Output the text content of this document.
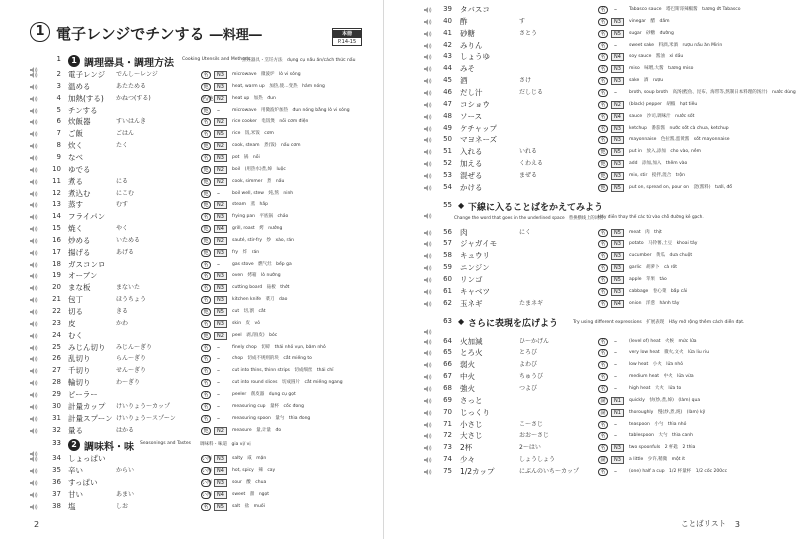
1 電子レンジでチンする ―料理―	本冊
P.14-15
1	1 調理器具・調理方法 Cooking Utensils and Methods
烹饪器具・烹饪方法　dụng cụ nấu ăn/cách thức nấu
2 電子レンジ でんし～レンジ	名	N3	microwave　微波炉　lò vi sóng
3 温める	あたためる	他	N3	heat, warm up　加热,使…变热　hâm nóng
4 加熱(する) かねつ(する)	名/他 N2	heat up　加热　đun
5 チンする	他	–	microwave　用微波炉加热　đun nóng bằng lò vi sóng
6 炊飯器	すいはんき	名	N2	rice cooker　电饭煲　nồi cơm điện
7 ご飯	ごはん	名	N5	rice　饭,米饭　cơm
8 炊く	たく	他	N2	cook, steam　煮(饭)　nấu cơm
9 なべ	名	N3	pot　锅　nồi
10 ゆでる	他	N2	boil　(用热水)煮,焯　luộc
11 煮る	にる	他	N2	cook, simmer　煮　nấu
12 煮込む	にこむ	他	–	boil well, stew　炖,熬　ninh
13 蒸す	むす	他	N2	steam　蒸　hấp
14 フライパン	名	N3	frying pan　平底锅　chảo
15 焼く	やく	他	N4	grill, roast　烤　nướng
16 炒める	いためる	他	N2	sauté, stir-fry　炒　xào, rán
17 揚げる	あげる	他	N3	fry　炸　rán
18 ガスコンロ	名	–	gas stove　燃气灶　bếp ga
19 オーブン	名	N3	oven　烤箱　lò nướng
20 まな板	まないた	名	N3	cutting board　砧板　thớt
21 包丁	ほうちょう	名	N3	kitchen knife　菜刀　dao
22 切る	きる	他	N5	cut　切,割　cắt
23 皮	かわ	名	N3	skin　皮　vỏ
24 むく	他	N2	peel　剥,削(皮)　bóc
25 みじん切り みじん～ぎり	名	–	finely chop　切碎　thái nhỏ vụn, băm nhỏ
26 乱切り	らん～ぎり	名	–	chop　切成不规则的块　cắt miếng to
27 千切り	せん～ぎり	名	–	cut into thins, thinn strips　切成细丝　thái chỉ
28 輪切り	わ～ぎり	名	–	cut into round slices　切成圆片　cắt miếng ngang
29 ピーラー	名	–	peeler　削皮器　dụng cụ gọt
30 計量カップ けいりょう～カップ	名	–	measuring cup　量杯　cốc đong
31 計量スプーン けいりょう～スプーン	名	–	measuring spoon　量勺　thìa đong
32 量る	はかる	他	N2	measure　量,计量　đo
33	2 調味料・味 Seasonings and Tastes 调味料・味道　gia vị/ vị
34 しょっぱい	い形	N3	salty　咸　mặn
35 辛い	からい	い形	N4	hot, spicy　辣　cay
36 すっぱい	い形	N3	sour　酸　chua
37 甘い	あまい	い形	N4	sweet　甜　ngọt
38 塩	しお	名	N5	salt　盐　muối
2
39 タバスコ	名	–	Tabasco sauce　塔巴斯哥辣椒酱　tương ớt Tabasco
40 酢	す	名	N3	vinegar　醋　dấm
41 砂糖	さとう	名	N5	sugar　砂糖　đường
42 みりん	名	–	sweet sake　料酒,米酒　rượu nấu ăn Mirin
43 しょうゆ	名	N4	soy sauce　酱油　xì dầu
44 みそ	名	N3	miso　味噌,大酱　tương miso
45 酒	さけ	名	N3	sake　酒　rượu
46 だし汁	だしじる	名	–	broth, soup broth　高汤(鲣鱼、昆布、海带等,熬制日本料理的汤汁)　nước dùng
47 コショウ	名	N2	(black) pepper　胡椒　hạt tiêu
48 ソース	名	N4	sauce　沙司,调味汁　nước sốt
49 ケチャップ	名	N3	ketchup　番茄酱　nước sốt cà chua, ketchup
50 マヨネーズ	名	N3	mayonnaise　色拉酱,蛋黄酱　sốt mayonnaise
51 入れる	いれる	他	N5	put in　放入,添加　cho vào, nêm
52 加える	くわえる	他	N3	add　添加,加入　thêm vào
53 混ぜる	まぜる	他	N3	mix, stir　搅拌,混合　trộn
54 かける	他	N5	put on, spread on, pour on　浇(酱料)　tưới, đổ
55 ◆ 下線に入ることばをかえてみよう
Change the word that goes in the underlined space　替换横线上的词语
Hãy điền thay thế các từ vào chỗ đường kẻ gạch.
56 肉	にく	名	N5	meat　肉　thịt
57 ジャガイモ	名	N3	potato　马铃薯,土豆　khoai tây
58 キュウリ	名	N3	cucumber　黄瓜　dưa chuột
59 ニンジン	名	N3	garlic　胡萝卜　cà rốt
60 リンゴ	名	N5	apple　苹果　táo
61 キャベツ	名	N3	cabbage　卷心菜　bắp cải
62 玉ネギ	たまネギ	名	N4	onion　洋葱　hành tây
63 ◆ さらに表現を広げよう	Try using different expressions　扩展表现　Hãy mở rộng thêm cách diễn đạt.
64 火加減	ひ～かげん	名	–	(level of) heat　火候　mức lửa
65 とろ火	とろび	名	–	very low heat　微火,文火　lửa liu riu
66 弱火	よわび	名	–	low heat　小火　lửa nhỏ
67 中火	ちゅうび	名	–	medium heat　中火　lửa vừa
68 強火	つよび	名	–	high heat　大火　lửa to
69 さっと	副	N1	quickly　快(炒,煮,焯)　(làm) qua
70 じっくり	副	N1	thoroughly　慢(炒,煮,炖)　(làm) kỹ
71 小さじ	こ～さじ	名	–	teaspoon　小勺　thìa nhỏ
72 大さじ	おお～さじ	名	–	tablespoon　大勺　thìa canh
73 2杯	2～はい	名	N3	two spoonfuls　2 杯匙　2 thìa
74 少々	しょうしょう	副	N3	a little　少许,稍微　một ít
75 1/2カップ	にぶんのいち～カップ	名	–	(one) half a cup　1/2 杯量杯　1/2 cốc 200cc
ことばリスト 3
